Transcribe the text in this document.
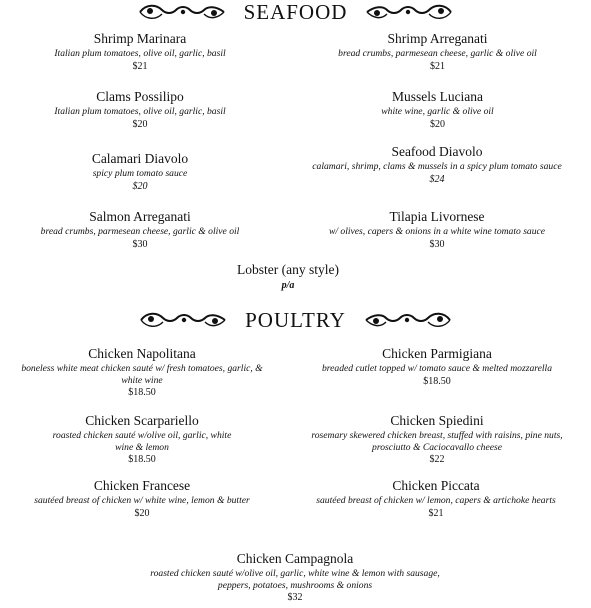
SEAFOOD
Shrimp Marinara
Italian plum tomatoes, olive oil, garlic, basil
$21
Shrimp Arreganati
bread crumbs, parmesean cheese, garlic & olive oil
$21
Clams Possilipo
Italian plum tomatoes, olive oil, garlic, basil
$20
Mussels Luciana
white wine, garlic & olive oil
$20
Calamari Diavolo
spicy plum tomato sauce
$20
Seafood Diavolo
calamari, shrimp, clams & mussels in a spicy plum tomato sauce
$24
Salmon Arreganati
bread crumbs, parmesean cheese, garlic & olive oil
$30
Tilapia Livornese
w/ olives, capers & onions in a white wine tomato sauce
$30
Lobster (any style)
p/a
POULTRY
Chicken Napolitana
boneless white meat chicken sauté w/ fresh tomatoes, garlic, & white wine
$18.50
Chicken Parmigiana
breaded cutlet topped w/ tomato sauce & melted mozzarella
$18.50
Chicken Scarpariello
roasted chicken sauté w/olive oil, garlic, white wine & lemon
$18.50
Chicken Spiedini
rosemary skewered chicken breast, stuffed with raisins, pine nuts, prosciutto & Caciocavallo cheese
$22
Chicken Francese
sautéed breast of chicken w/ white wine, lemon & butter
$20
Chicken Piccata
sautéed breast of chicken w/ lemon, capers & artichoke hearts
$21
Chicken Campagnola
roasted chicken sauté w/olive oil, garlic, white wine & lemon with sausage, peppers, potatoes, mushrooms & onions
$32
